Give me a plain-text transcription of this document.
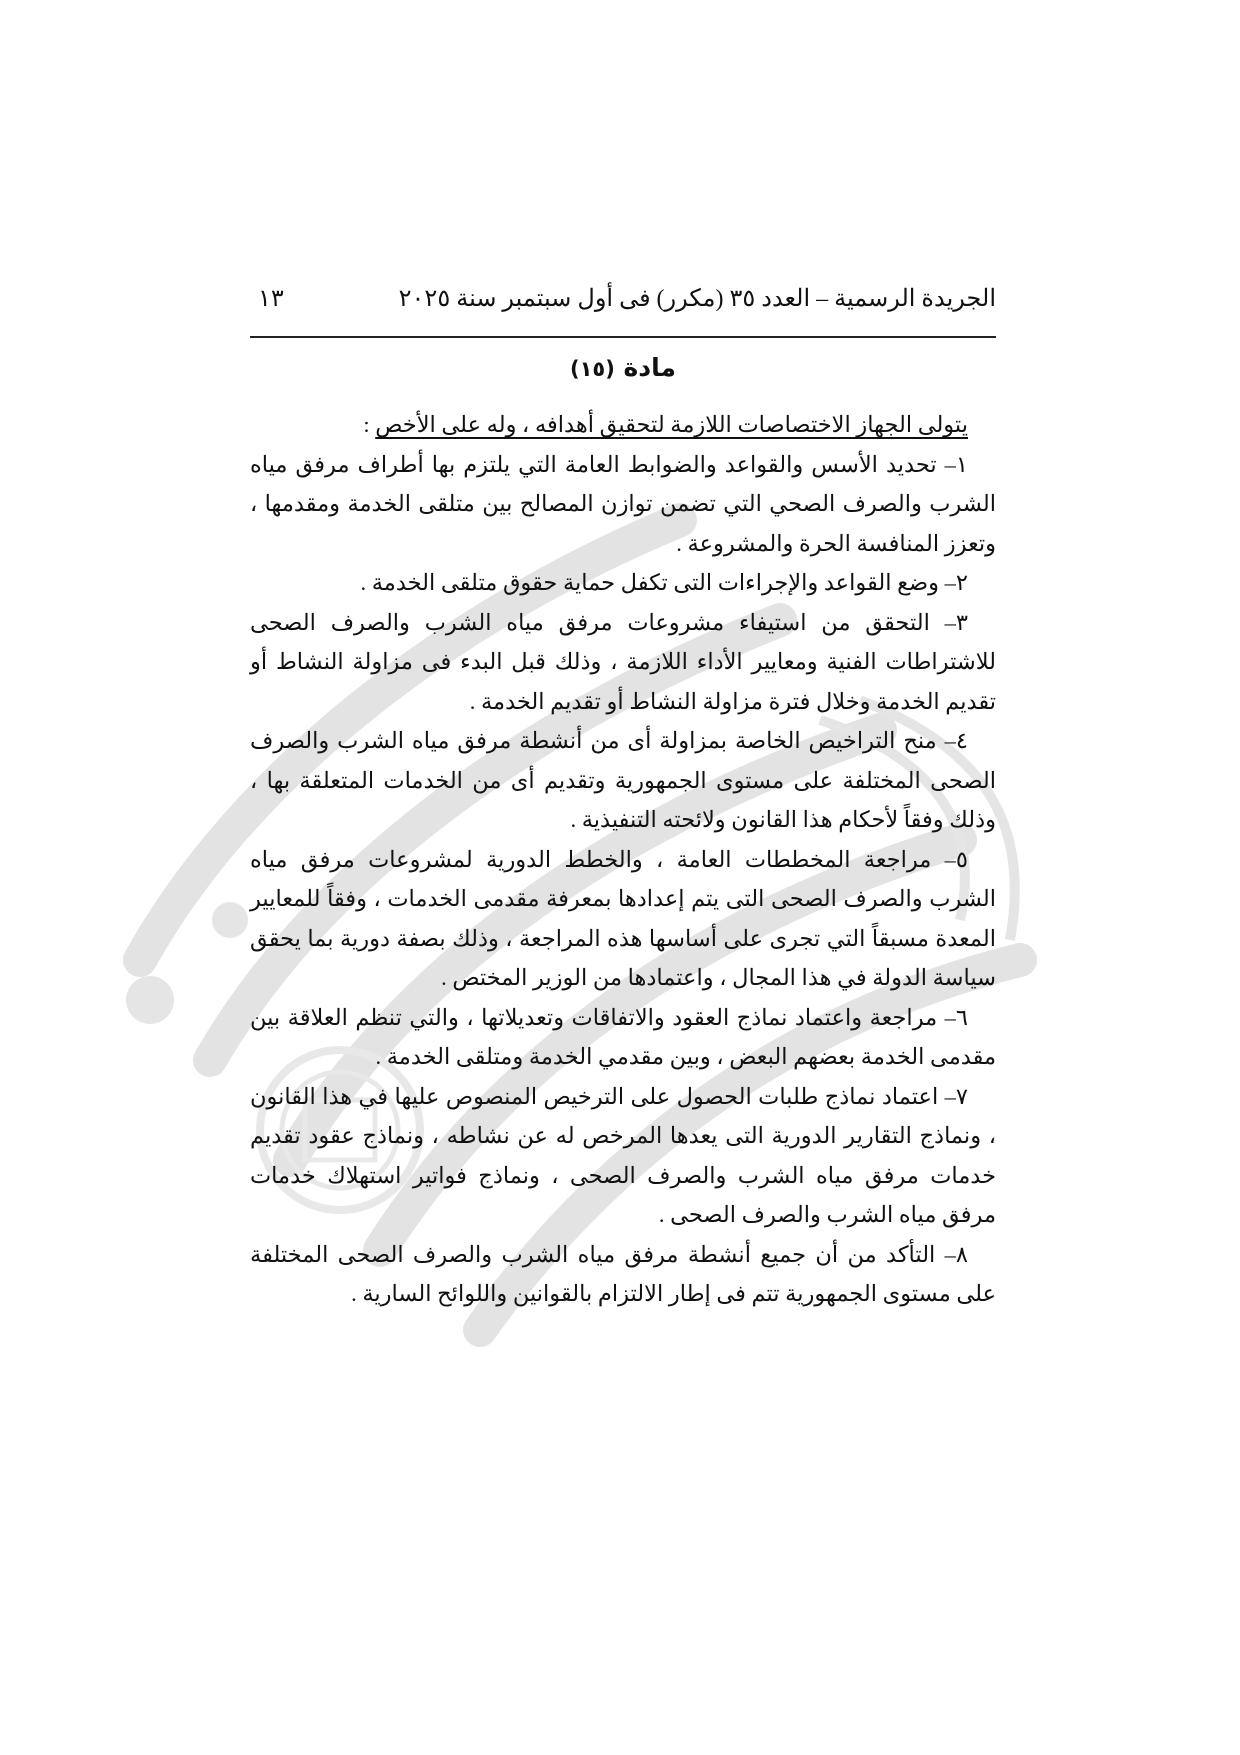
الجريدة الرسمية – العدد ٣٥ (مكرر) فى أول سبتمبر سنة ٢٠٢٥
١٣
مادة (١٥)

يتولى الجهاز الاختصاصات اللازمة لتحقيق أهدافه ، وله على الأخص :

١– تحديد الأسس والقواعد والضوابط العامة التي يلتزم بها أطراف مرفق مياه الشرب والصرف الصحي التي تضمن توازن المصالح بين متلقى الخدمة ومقدمها ، وتعزز المنافسة الحرة والمشروعة .

٢– وضع القواعد والإجراءات التى تكفل حماية حقوق متلقى الخدمة .

٣– التحقق من استيفاء مشروعات مرفق مياه الشرب والصرف الصحى للاشتراطات الفنية ومعايير الأداء اللازمة ، وذلك قبل البدء فى مزاولة النشاط أو تقديم الخدمة وخلال فترة مزاولة النشاط أو تقديم الخدمة .

٤– منح التراخيص الخاصة بمزاولة أى من أنشطة مرفق مياه الشرب والصرف الصحى المختلفة على مستوى الجمهورية وتقديم أى من الخدمات المتعلقة بها ، وذلك وفقاً لأحكام هذا القانون ولائحته التنفيذية .

٥– مراجعة المخططات العامة ، والخطط الدورية لمشروعات مرفق مياه الشرب والصرف الصحى التى يتم إعدادها بمعرفة مقدمى الخدمات ، وفقاً للمعايير المعدة مسبقاً التي تجرى على أساسها هذه المراجعة ، وذلك بصفة دورية بما يحقق سياسة الدولة في هذا المجال ، واعتمادها من الوزير المختص .

٦– مراجعة واعتماد نماذج العقود والاتفاقات وتعديلاتها ، والتي تنظم العلاقة بين مقدمى الخدمة بعضهم البعض ، وبين مقدمي الخدمة ومتلقى الخدمة .

٧– اعتماد نماذج طلبات الحصول على الترخيص المنصوص عليها في هذا القانون ، ونماذج التقارير الدورية التى يعدها المرخص له عن نشاطه ، ونماذج عقود تقديم خدمات مرفق مياه الشرب والصرف الصحى ، ونماذج فواتير استهلاك خدمات مرفق مياه الشرب والصرف الصحى .

٨– التأكد من أن جميع أنشطة مرفق مياه الشرب والصرف الصحى المختلفة على مستوى الجمهورية تتم فى إطار الالتزام بالقوانين واللوائح السارية .
